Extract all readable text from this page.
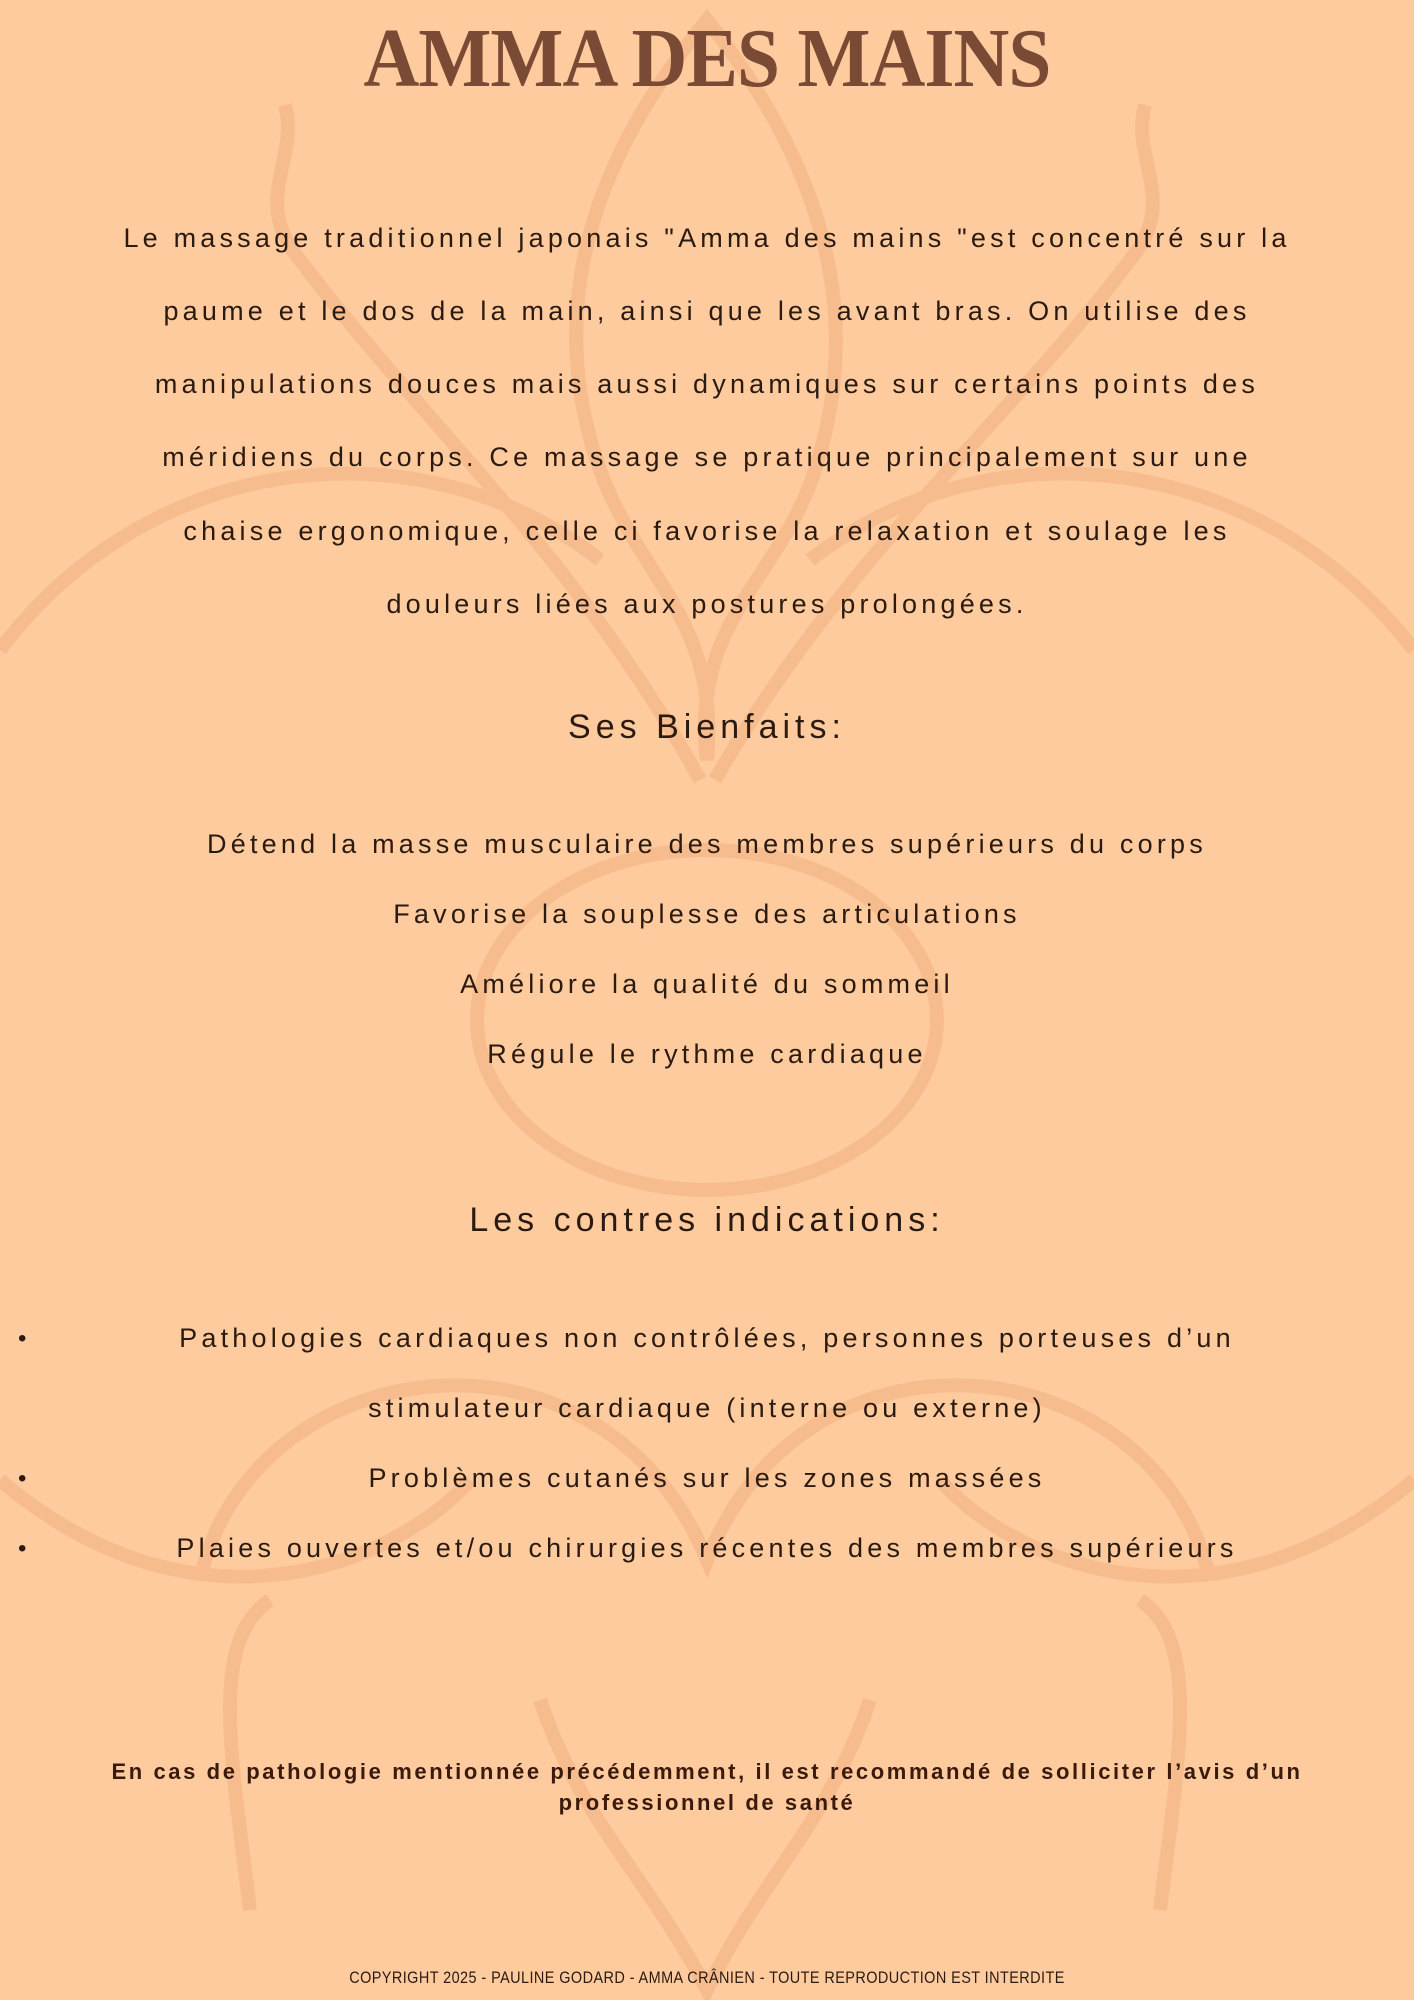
AMMA DES MAINS
Le massage traditionnel japonais "Amma des mains "est concentré sur la
paume et le dos de la main, ainsi que les avant bras. On utilise des
manipulations douces mais aussi dynamiques sur certains points des
méridiens du corps. Ce massage se pratique principalement sur une
chaise ergonomique, celle ci favorise la relaxation et soulage les
douleurs liées aux postures prolongées.
Ses Bienfaits:
Détend la masse musculaire des membres supérieurs du corps
Favorise la souplesse des articulations
Améliore la qualité du sommeil
Régule le rythme cardiaque
Les contres indications:
•	Pathologies cardiaques non contrôlées, personnes porteuses d’un
stimulateur cardiaque (interne ou externe)
•	Problèmes cutanés sur les zones massées
•	Plaies ouvertes et/ou chirurgies récentes des membres supérieurs
En cas de pathologie mentionnée précédemment, il est recommandé de solliciter l’avis d’un
professionnel de santé
COPYRIGHT 2025 - PAULINE GODARD - AMMA CRÂNIEN - TOUTE REPRODUCTION EST INTERDITE
